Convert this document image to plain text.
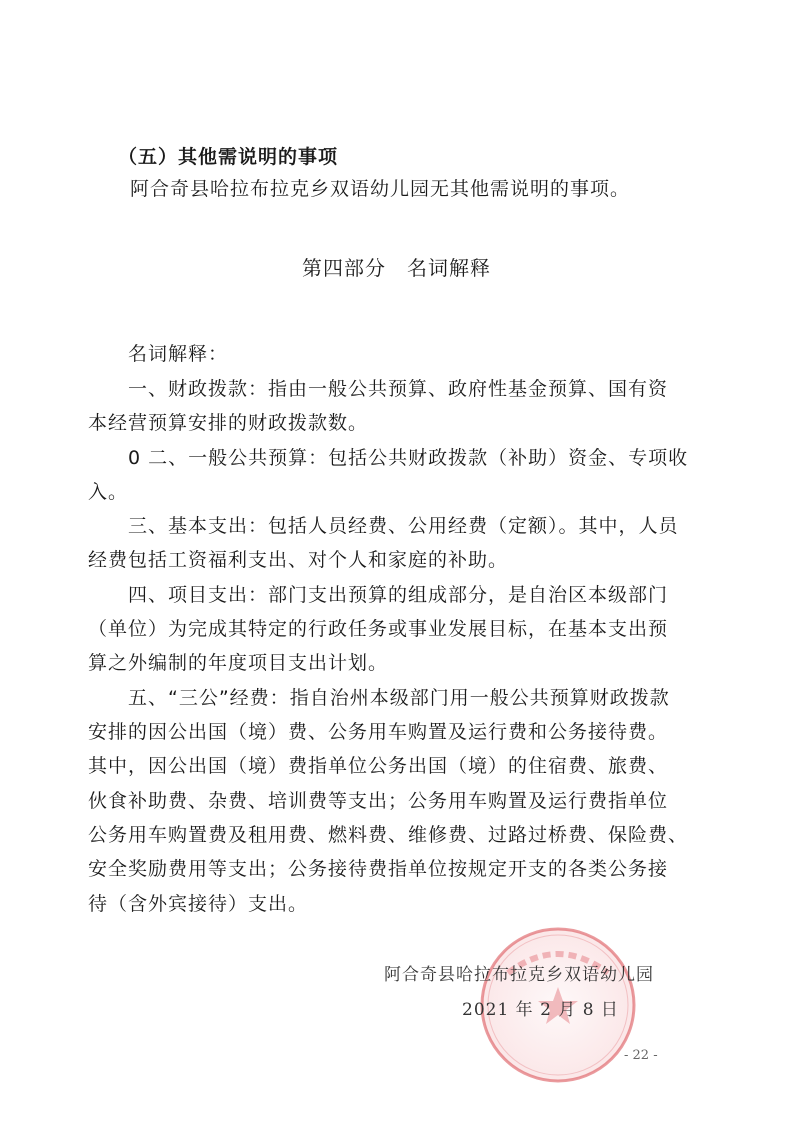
（五）其他需说明的事项
阿合奇县哈拉布拉克乡双语幼儿园无其他需说明的事项。
第四部分　名词解释
名词解释：
一、财政拨款：指由一般公共预算、政府性基金预算、国有资
本经营预算安排的财政拨款数。
0 二、一般公共预算：包括公共财政拨款（补助）资金、专项收
入。
三、基本支出：包括人员经费、公用经费（定额）。其中，人员
经费包括工资福利支出、对个人和家庭的补助。
四、项目支出：部门支出预算的组成部分，是自治区本级部门
（单位）为完成其特定的行政任务或事业发展目标，在基本支出预
算之外编制的年度项目支出计划。
五、“三公”经费：指自治州本级部门用一般公共预算财政拨款
安排的因公出国（境）费、公务用车购置及运行费和公务接待费。
其中，因公出国（境）费指单位公务出国（境）的住宿费、旅费、
伙食补助费、杂费、培训费等支出；公务用车购置及运行费指单位
公务用车购置费及租用费、燃料费、维修费、过路过桥费、保险费、
安全奖励费用等支出；公务接待费指单位按规定开支的各类公务接
待（含外宾接待）支出。
阿合奇县哈拉布拉克乡双语幼儿园
2021 年 2 月 8 日
- 22 -
